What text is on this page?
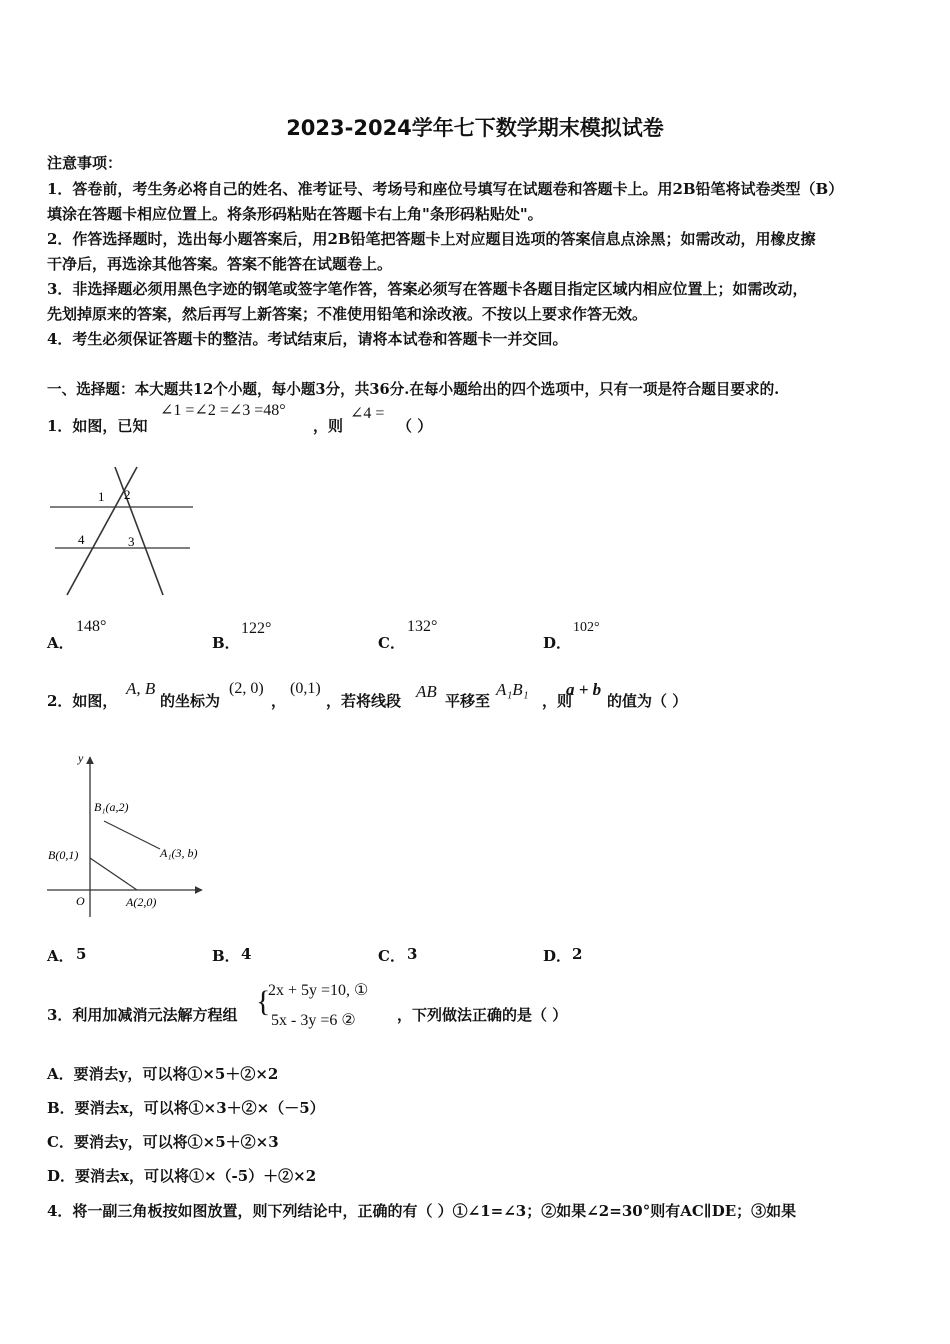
2023-2024学年七下数学期末模拟试卷
注意事项：
1．答卷前，考生务必将自己的姓名、准考证号、考场号和座位号填写在试题卷和答题卡上。用2B铅笔将试卷类型（B）
填涂在答题卡相应位置上。将条形码粘贴在答题卡右上角"条形码粘贴处"。
2．作答选择题时，选出每小题答案后，用2B铅笔把答题卡上对应题目选项的答案信息点涂黑；如需改动，用橡皮擦
干净后，再选涂其他答案。答案不能答在试题卷上。
3．非选择题必须用黑色字迹的钢笔或签字笔作答，答案必须写在答题卡各题目指定区域内相应位置上；如需改动，
先划掉原来的答案，然后再写上新答案；不准使用铅笔和涂改液。不按以上要求作答无效。
4．考生必须保证答题卡的整洁。考试结束后，请将本试卷和答题卡一并交回。
一、选择题：本大题共12个小题，每小题3分，共36分.在每小题给出的四个选项中，只有一项是符合题目要求的.
1．如图，已知
∠1 =∠2 =∠3 =48°
，则
∠4 =
（ ）
1 2
3
4
A．
148°
B．
122°
C．
132°
D．
102°
2．如图，
A, B
的坐标为
(2, 0)
，
(0,1)
，若将线段 AB 平移至
A₁B₁
，则
a + b
的值为（ ）
y
O
B₁(a,2)
A₁(3, b)
B(0,1)
A(2,0)
A． 5	B． 4	C． 3	D． 2
3．利用加减消元法解方程组 {
2x + 5y =10, ①
5x - 3y =6 ②	，下列做法正确的是（ ）
A．要消去y，可以将①×5＋②×2
B．要消去x，可以将①×3＋②×（－5）
C．要消去y，可以将①×5＋②×3
D．要消去x，可以将①×（-5）＋②×2
4．将一副三角板按如图放置，则下列结论中，正确的有（ ）①∠1=∠3；②如果∠2=30°则有AC∥DE；③如果
